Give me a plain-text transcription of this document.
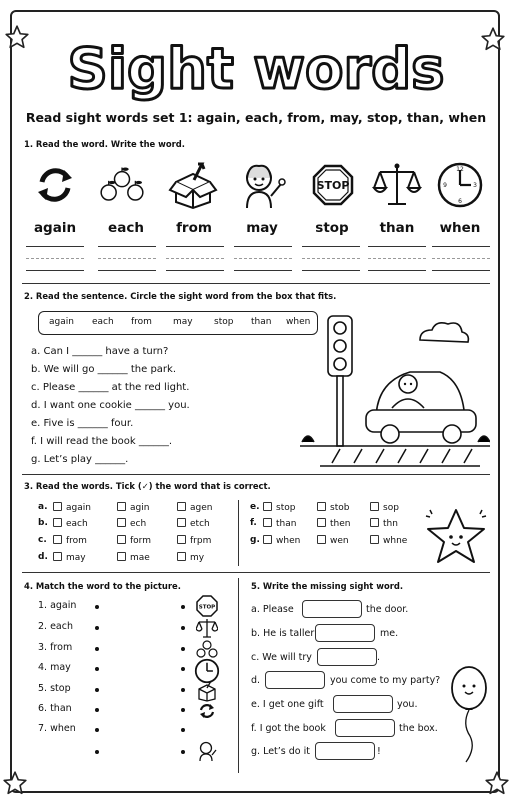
Sight words
Read sight words set 1: again, each, from, may, stop, than, when
1. Read the word. Write the word.
STOP
12
3
6
9
again	each	from	may	stop	than	when
2. Read the sentence. Circle the sight word from the box that fits.
again each from may stop than when
a. Can I ______ have a turn?
b. We will go ______ the park.
c. Please ______ at the red light.
d. I want one cookie ______ you.
e. Five is ______ four.
f. I will read the book ______.
g. Let’s play ______.
3. Read the words. Tick (✓) the word that is correct.
a.	again	agin	agen
b.	each	ech	etch
c.	from	form	frpm
d.	may	mae	my
e.	stop	stob	sop
f.	than	then	thn
g.	when	wen	whne
4. Match the word to the picture.
1. again
2. each
3. from
4. may
5. stop
6. than
7. when
STOP
5. Write the missing sight word.
a. Please	the door.
b. He is taller	me.
c. We will try	.
d.	you come to my party?
e. I get one gift	you.
f. I got the book	the box.
g. Let’s do it	!
